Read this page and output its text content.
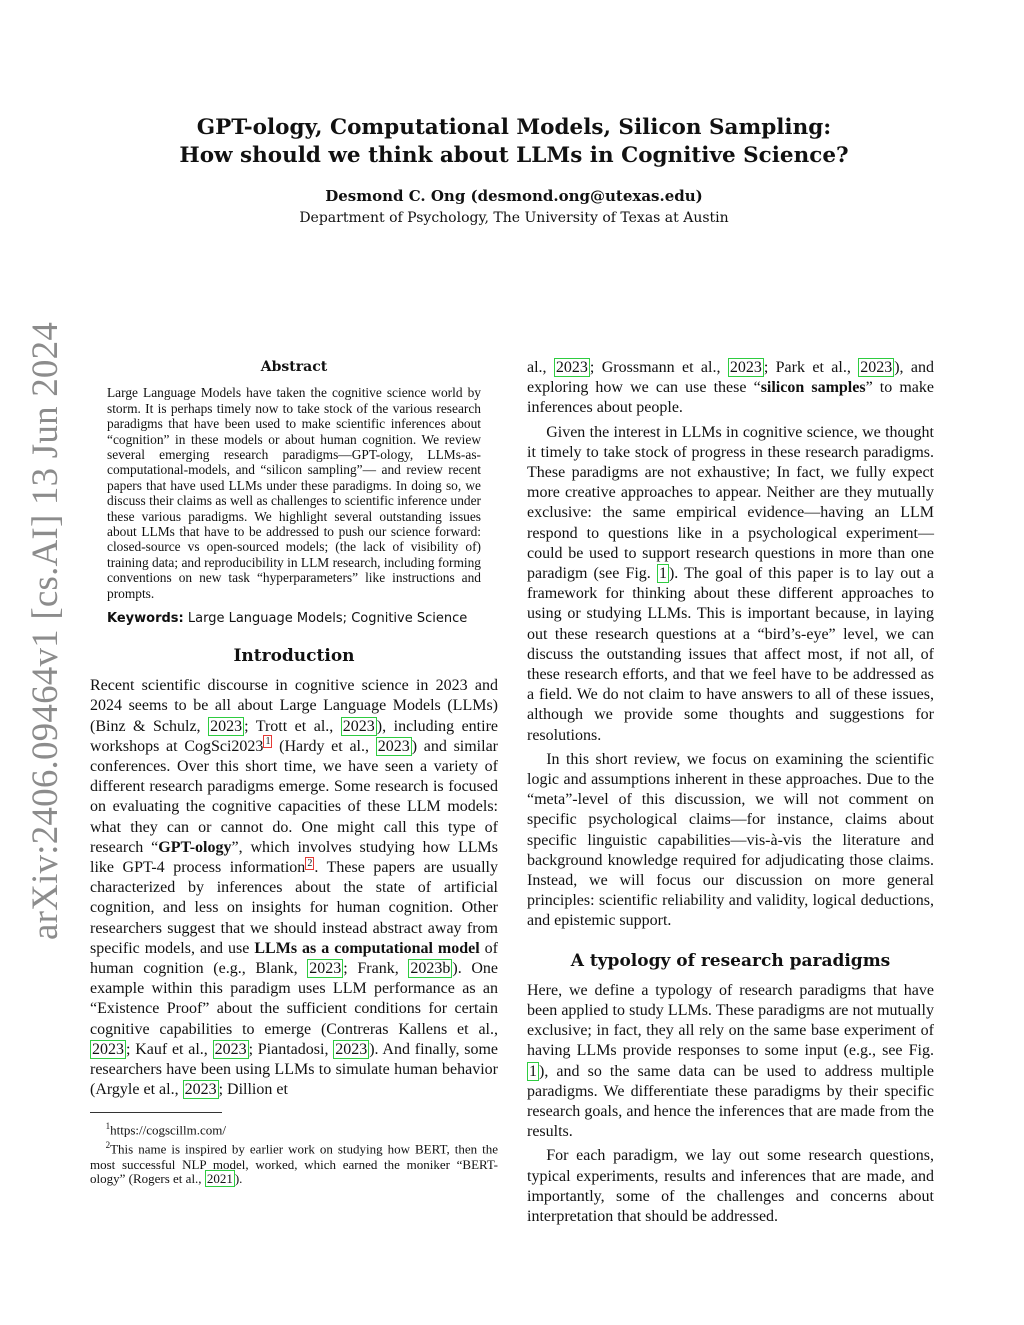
arXiv:2406.09464v1 [cs.AI] 13 Jun 2024
GPT-ology, Computational Models, Silicon Sampling:
How should we think about LLMs in Cognitive Science?
Desmond C. Ong (desmond.ong@utexas.edu)
Department of Psychology, The University of Texas at Austin
Abstract

Large Language Models have taken the cognitive science world by storm. It is perhaps timely now to take stock of the various research paradigms that have been used to make scientific inferences about “cognition” in these models or about human cognition. We review several emerging research paradigms—GPT-ology, LLMs-as-computational-models, and “silicon sampling”— and review recent papers that have used LLMs under these paradigms. In doing so, we discuss their claims as well as challenges to scientific inference under these various paradigms. We highlight several outstanding issues about LLMs that have to be addressed to push our science forward: closed-source vs open-sourced models; (the lack of visibility of) training data; and reproducibility in LLM research, including forming conventions on new task “hyperparameters” like instructions and prompts.

Keywords: Large Language Models; Cognitive Science
Introduction

Recent scientific discourse in cognitive science in 2023 and 2024 seems to be all about Large Language Models (LLMs) (Binz & Schulz, 2023 ; Trott et al., 2023 ), including entire workshops at CogSci2023 $^1$ (Hardy et al., 2023 ) and similar conferences. Over this short time, we have seen a variety of different research paradigms emerge. Some research is focused on evaluating the cognitive capacities of these LLM models: what they can or cannot do. One might call this type of research “GPT-ology”, which involves studying how LLMs like GPT-4 process information $^2$ . These papers are usually characterized by inferences about the state of artificial cognition, and less on insights for human cognition. Other researchers suggest that we should instead abstract away from specific models, and use LLMs as a computational model of human cognition (e.g., Blank, 2023 ; Frank, 2023b ). One example within this paradigm uses LLM performance as an “Existence Proof” about the sufficient conditions for certain cognitive capabilities to emerge (Contreras Kallens et al., 2023 ; Kauf et al., 2023 ; Piantadosi, 2023 ). And finally, some researchers have been using LLMs to simulate human behavior (Argyle et al., 2023 ; Dillion et

$^1$https://cogscillm.com/

$^2$This name is inspired by earlier work on studying how BERT, then the most successful NLP model, worked, which earned the moniker “BERT-ology” (Rogers et al., 2021 ).

al., 2023 ; Grossmann et al., 2023 ; Park et al., 2023 ), and exploring how we can use these “silicon samples” to make inferences about people.

Given the interest in LLMs in cognitive science, we thought it timely to take stock of progress in these research paradigms. These paradigms are not exhaustive; In fact, we fully expect more creative approaches to appear. Neither are they mutually exclusive: the same empirical evidence—having an LLM respond to questions like in a psychological experiment—could be used to support research questions in more than one paradigm (see Fig. 1 ). The goal of this paper is to lay out a framework for thinking about these different approaches to using or studying LLMs. This is important because, in laying out these research questions at a “bird’s-eye” level, we can discuss the outstanding issues that affect most, if not all, of these research efforts, and that we feel have to be addressed as a field. We do not claim to have answers to all of these issues, although we provide some thoughts and suggestions for resolutions.

In this short review, we focus on examining the scientific logic and assumptions inherent in these approaches. Due to the “meta”-level of this discussion, we will not comment on specific psychological claims—for instance, claims about specific linguistic capabilities—vis-à-vis the literature and background knowledge required for adjudicating those claims. Instead, we will focus our discussion on more general principles: scientific reliability and validity, logical deductions, and epistemic support.

A typology of research paradigms

Here, we define a typology of research paradigms that have been applied to study LLMs. These paradigms are not mutually exclusive; in fact, they all rely on the same base experiment of having LLMs provide responses to some input (e.g., see Fig. 1 ), and so the same data can be used to address multiple paradigms. We differentiate these paradigms by their specific research goals, and hence the inferences that are made from the results.

For each paradigm, we lay out some research questions, typical experiments, results and inferences that are made, and importantly, some of the challenges and concerns about interpretation that should be addressed.
